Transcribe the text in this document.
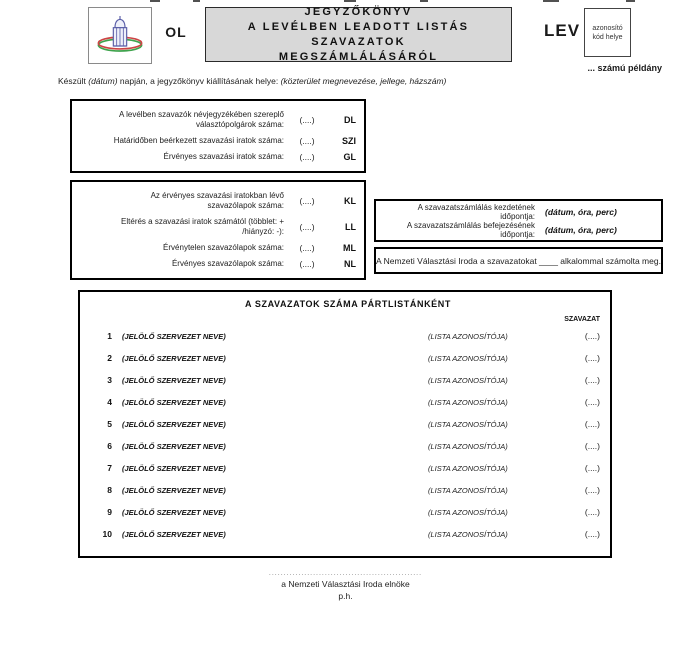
OL
JEGYZŐKÖNYV
A LEVÉLBEN LEADOTT LISTÁS SZAVAZATOK
MEGSZÁMLÁLÁSÁRÓL
LEV	azonosító
kód helye
... számú példány
Készült (dátum) napján, a jegyzőkönyv kiállításának helye: (közterület megnevezése, jellege, házszám)
A levélben szavazók névjegyzékében szereplő választópolgárok száma:	(....)	DL
Határidőben beérkezett szavazási iratok száma:	(....)	SZI
Érvényes szavazási iratok száma:	(....)	GL
Az érvényes szavazási iratokban lévő szavazólapok száma:	(....)	KL
Eltérés a szavazási iratok számától (többlet: + /hiányzó: -):	(....)	LL
Érvénytelen szavazólapok száma:	(....)	ML
Érvényes szavazólapok száma:	(....)	NL
A szavazatszámlálás kezdetének időpontja:	(dátum, óra, perc)
A szavazatszámlálás befejezésének időpontja:	(dátum, óra, perc)
A Nemzeti Választási Iroda a szavazatokat ____ alkalommal számolta meg.
A SZAVAZATOK SZÁMA PÁRTLISTÁNKÉNT
SZAVAZAT
1 (JELÖLŐ SZERVEZET NEVE)	(LISTA AZONOSÍTÓJA)	(....)
2 (JELÖLŐ SZERVEZET NEVE)	(LISTA AZONOSÍTÓJA)	(....)
3 (JELÖLŐ SZERVEZET NEVE)	(LISTA AZONOSÍTÓJA)	(....)
4 (JELÖLŐ SZERVEZET NEVE)	(LISTA AZONOSÍTÓJA)	(....)
5 (JELÖLŐ SZERVEZET NEVE)	(LISTA AZONOSÍTÓJA)	(....)
6 (JELÖLŐ SZERVEZET NEVE)	(LISTA AZONOSÍTÓJA)	(....)
7 (JELÖLŐ SZERVEZET NEVE)	(LISTA AZONOSÍTÓJA)	(....)
8 (JELÖLŐ SZERVEZET NEVE)	(LISTA AZONOSÍTÓJA)	(....)
9 (JELÖLŐ SZERVEZET NEVE)	(LISTA AZONOSÍTÓJA)	(....)
10 (JELÖLŐ SZERVEZET NEVE)	(LISTA AZONOSÍTÓJA)	(....)
....................................................
a Nemzeti Választási Iroda elnöke
p.h.
